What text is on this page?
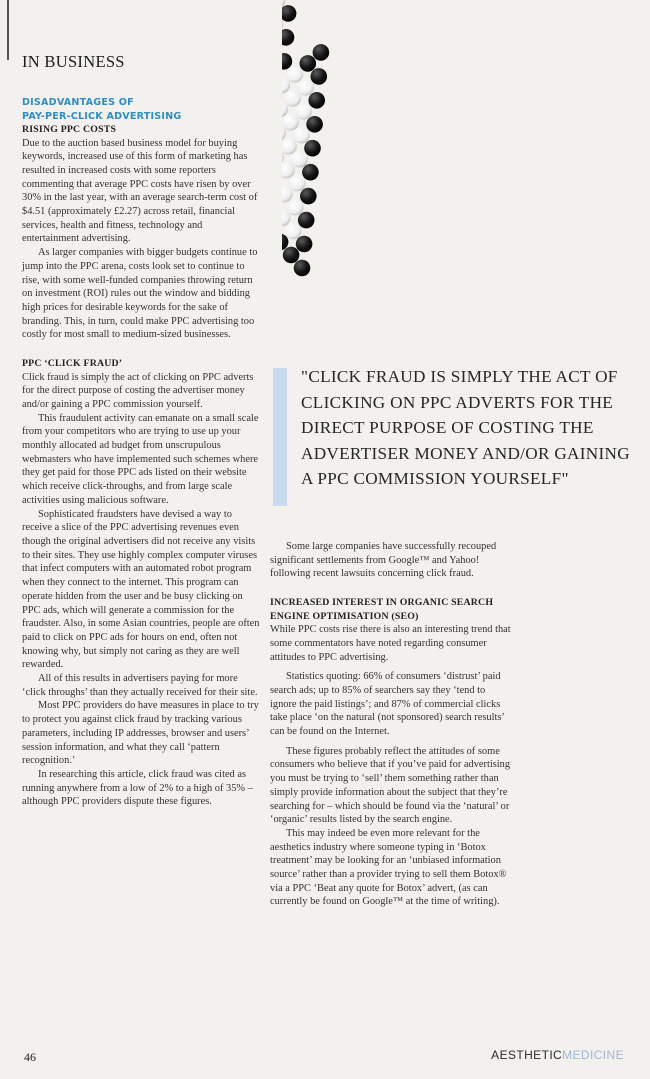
IN BUSINESS

DISADVANTAGES OF

PAY-PER-CLICK ADVERTISING

RISING PPC COSTS

Due to the auction based business model for buying keywords, increased use of this form of marketing has resulted in increased costs with some reporters commenting that average PPC costs have risen by over 30% in the last year, with an average search-term cost of $4.51 (approximately £2.27) across retail, financial services, health and fitness, technology and entertainment advertising.

As larger companies with bigger budgets continue to jump into the PPC arena, costs look set to continue to rise, with some well-funded companies throwing return on investment (ROI) rules out the window and bidding high prices for desirable keywords for the sake of branding. This, in turn, could make PPC advertising too costly for most small to medium-sized businesses.

PPC ‘CLICK FRAUD’

Click fraud is simply the act of clicking on PPC adverts for the direct purpose of costing the advertiser money and/or gaining a PPC commission yourself.

This fraudulent activity can emanate on a small scale from your competitors who are trying to use up your monthly allocated ad budget from unscrupulous webmasters who have implemented such schemes where they get paid for those PPC ads listed on their website which receive click-throughs, and from large scale activities using malicious software.

Sophisticated fraudsters have devised a way to receive a slice of the PPC advertising revenues even though the original advertisers did not receive any visits to their sites. They use highly complex computer viruses that infect computers with an automated robot program when they connect to the internet. This program can operate hidden from the user and be busy clicking on PPC ads, which will generate a commission for the fraudster. Also, in some Asian countries, people are often paid to click on PPC ads for hours on end, often not knowing why, but simply not caring as they are well rewarded.

All of this results in advertisers paying for more ‘click throughs’ than they actually received for their site.

Most PPC providers do have measures in place to try to protect you against click fraud by tracking various parameters, including IP addresses, browser and users’ session information, and what they call ‘pattern recognition.’

In researching this article, click fraud was cited as running anywhere from a low of 2% to a high of 35% – although PPC providers dispute these figures.

"CLICK FRAUD IS SIMPLY THE ACT OF CLICKING ON PPC ADVERTS FOR THE DIRECT PURPOSE OF COSTING THE ADVERTISER MONEY AND/OR GAINING A PPC COMMISSION YOURSELF"

Some large companies have successfully recouped significant settlements from Google™ and Yahoo! following recent lawsuits concerning click fraud.

INCREASED INTEREST IN ORGANIC SEARCH ENGINE OPTIMISATION (SEO)

While PPC costs rise there is also an interesting trend that some commentators have noted regarding consumer attitudes to PPC advertising.

Statistics quoting: 66% of consumers ‘distrust’ paid search ads; up to 85% of searchers say they ‘tend to ignore the paid listings’; and 87% of commercial clicks take place ‘on the natural (not sponsored) search results’ can be found on the Internet.

These figures probably reflect the attitudes of some consumers who believe that if you’ve paid for advertising you must be trying to ‘sell’ them something rather than simply provide information about the subject that they’re searching for – which should be found via the ‘natural’ or ‘organic’ results listed by the search engine.

This may indeed be even more relevant for the aesthetics industry where someone typing in ‘Botox treatment’ may be looking for an ‘unbiased information source’ rather than a provider trying to sell them Botox® via a PPC ‘Beat any quote for Botox’ advert, (as can currently be found on Google™ at the time of writing).

46	AESTHETICMEDICINE
